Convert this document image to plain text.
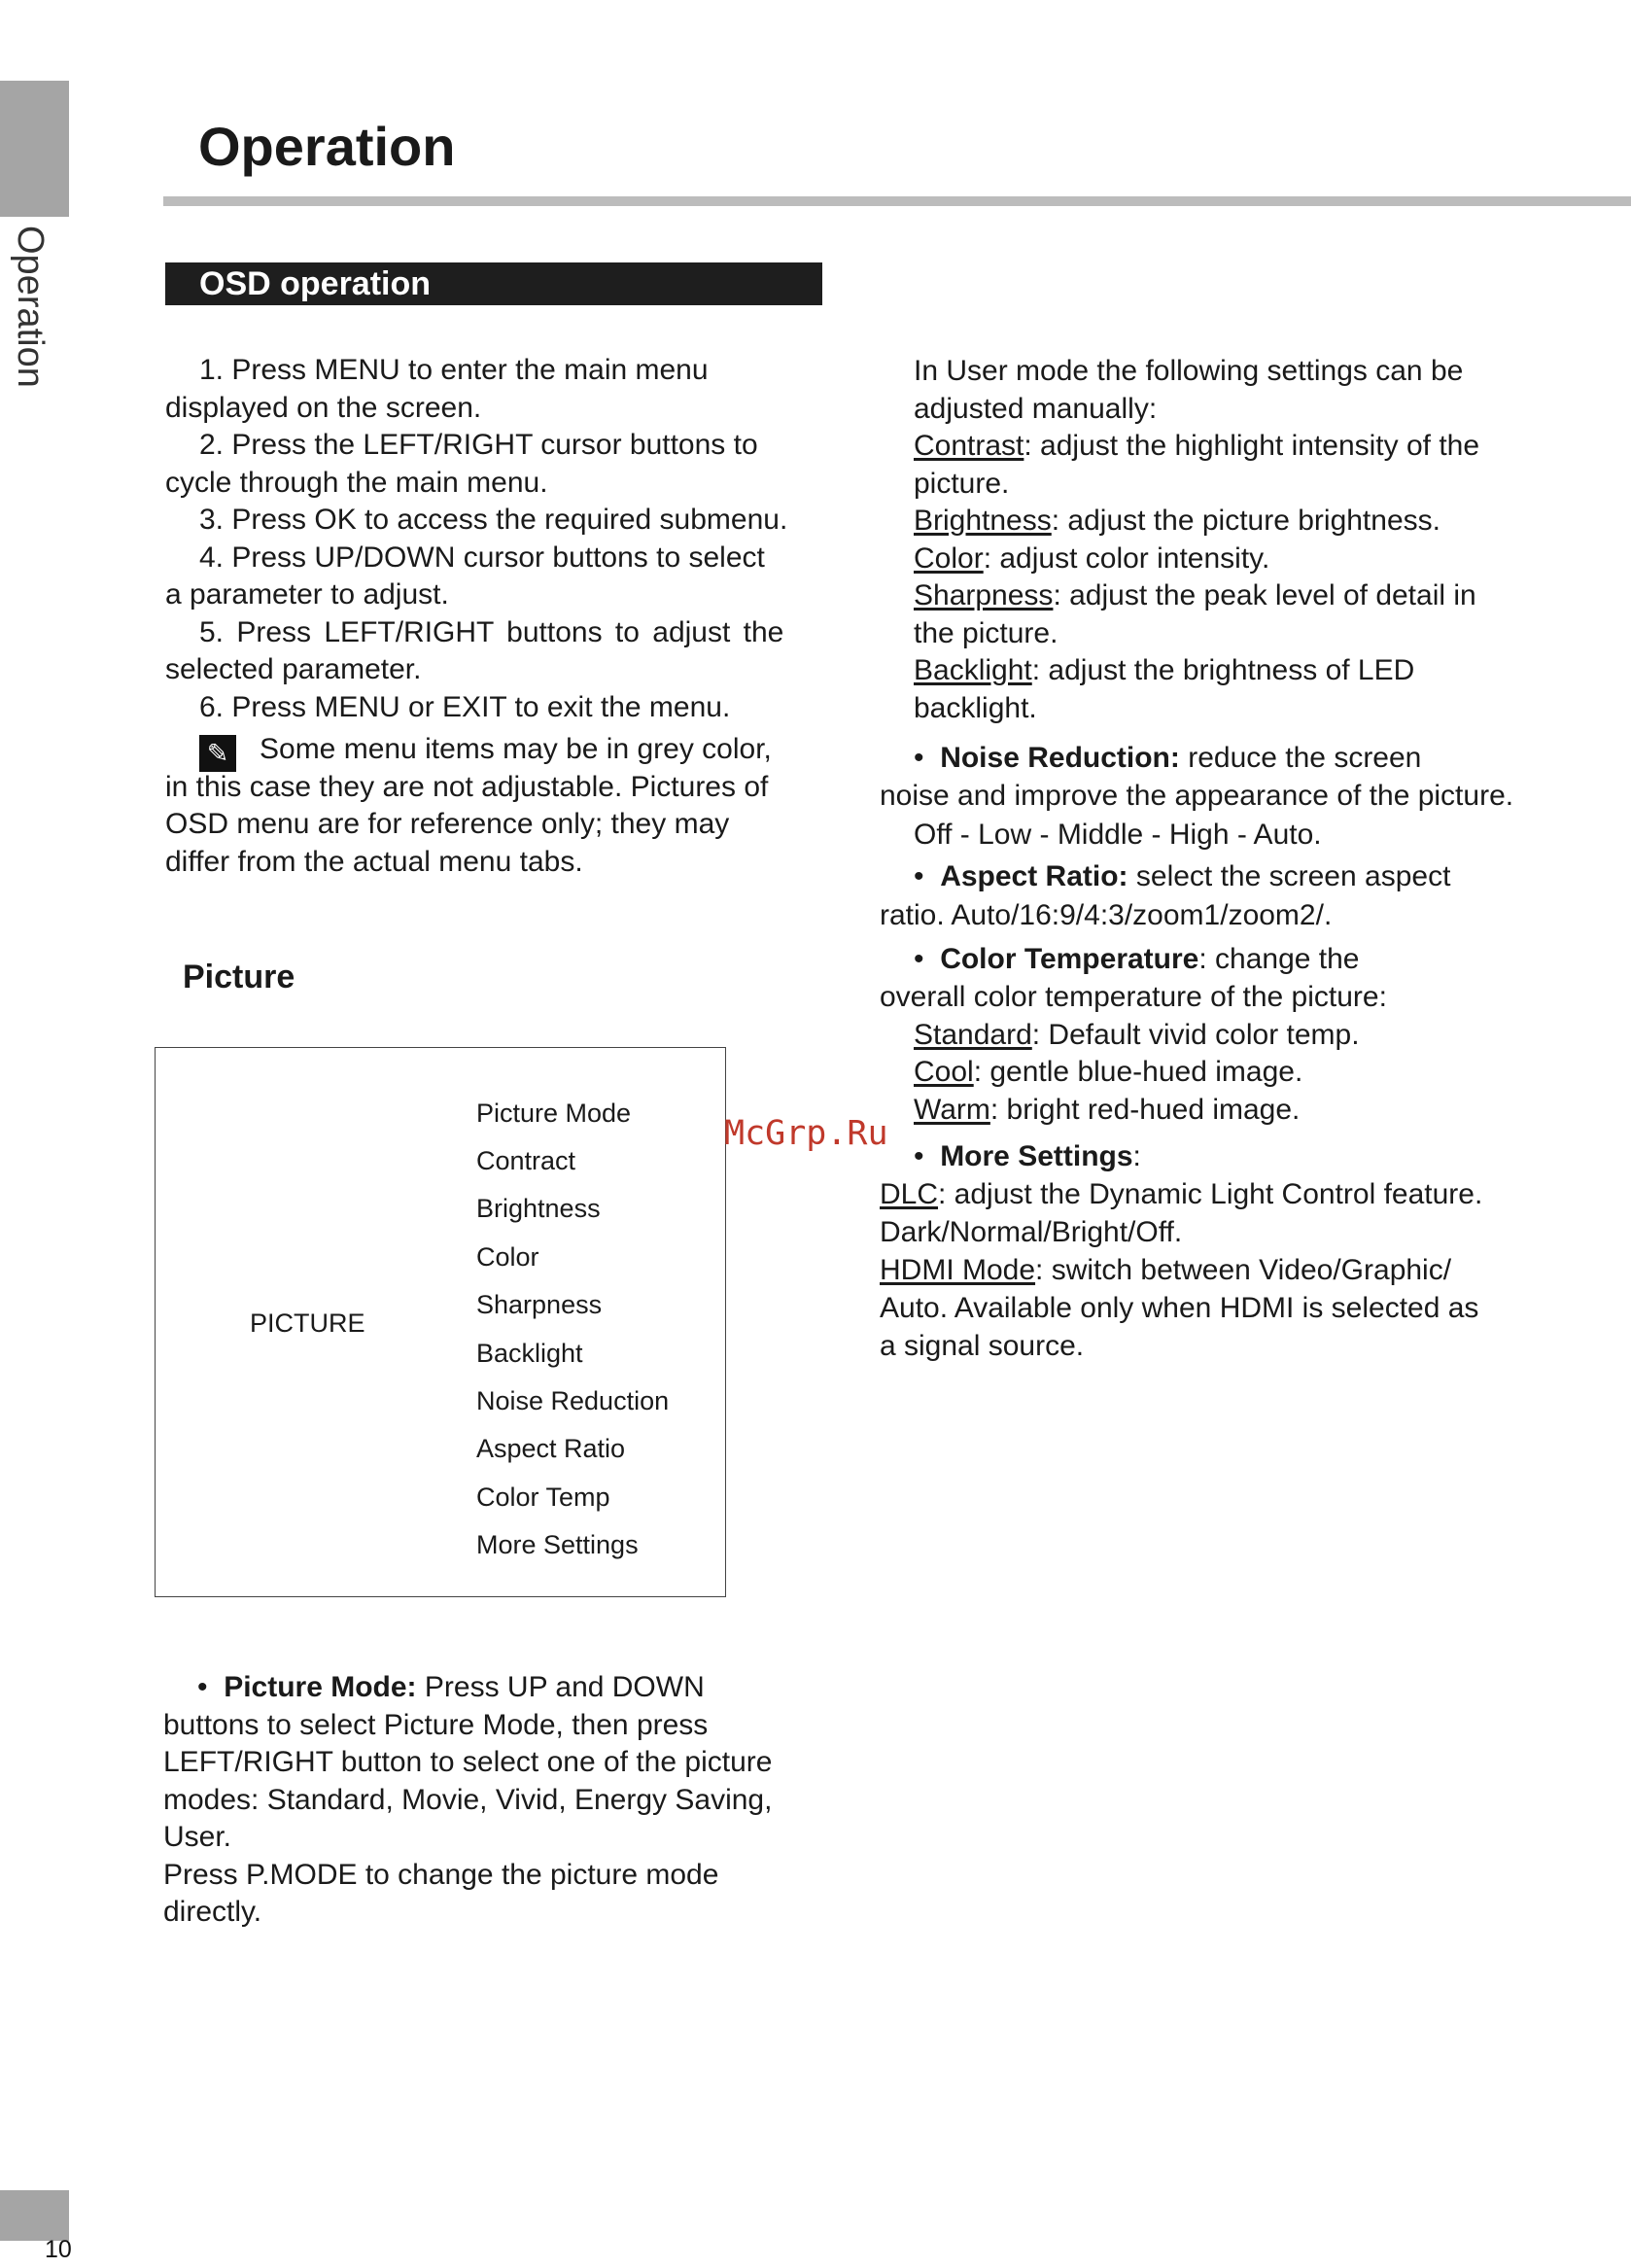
Operation
10
Operation
OSD operation
1. Press MENU to enter the main menu
displayed on the screen.
2. Press the LEFT/RIGHT cursor buttons to
cycle through the main menu.
3. Press OK to access the required submenu.
4. Press UP/DOWN cursor buttons to select
a parameter to adjust.
5. Press LEFT/RIGHT buttons to adjust the
selected parameter.
6. Press MENU or EXIT to exit the menu.
✎ Some menu items may be in grey color,
in this case they are not adjustable. Pictures of
OSD menu are for reference only; they may
differ from the actual menu tabs.
Picture
PICTURE
Picture Mode
Contract
Brightness
Color
Sharpness
Backlight
Noise Reduction
Aspect Ratio
Color Temp
More Settings
• Picture Mode: Press UP and DOWN
buttons to select Picture Mode, then press
LEFT/RIGHT button to select one of the picture
modes: Standard, Movie, Vivid, Energy Saving,
User.
Press P.MODE to change the picture mode
directly.
In User mode the following settings can be
adjusted manually:
Contrast: adjust the highlight intensity of the
picture.
Brightness: adjust the picture brightness.
Color: adjust color intensity.
Sharpness: adjust the peak level of detail in
the picture.
Backlight: adjust the brightness of LED
backlight.
•  Noise Reduction: reduce the screen
noise and improve the appearance of the picture.
Off - Low - Middle - High - Auto.
•  Aspect Ratio: select the screen aspect
ratio. Auto/16:9/4:3/zoom1/zoom2/.
•  Color Temperature: change the
overall color temperature of the picture:
Standard: Default vivid color temp.
Cool: gentle blue-hued image.
Warm: bright red-hued image.
•  More Settings:
DLC: adjust the Dynamic Light Control feature.
Dark/Normal/Bright/Off.
HDMI Mode: switch between Video/Graphic/
Auto. Available only when HDMI is selected as
a signal source.
McGrp.Ru
